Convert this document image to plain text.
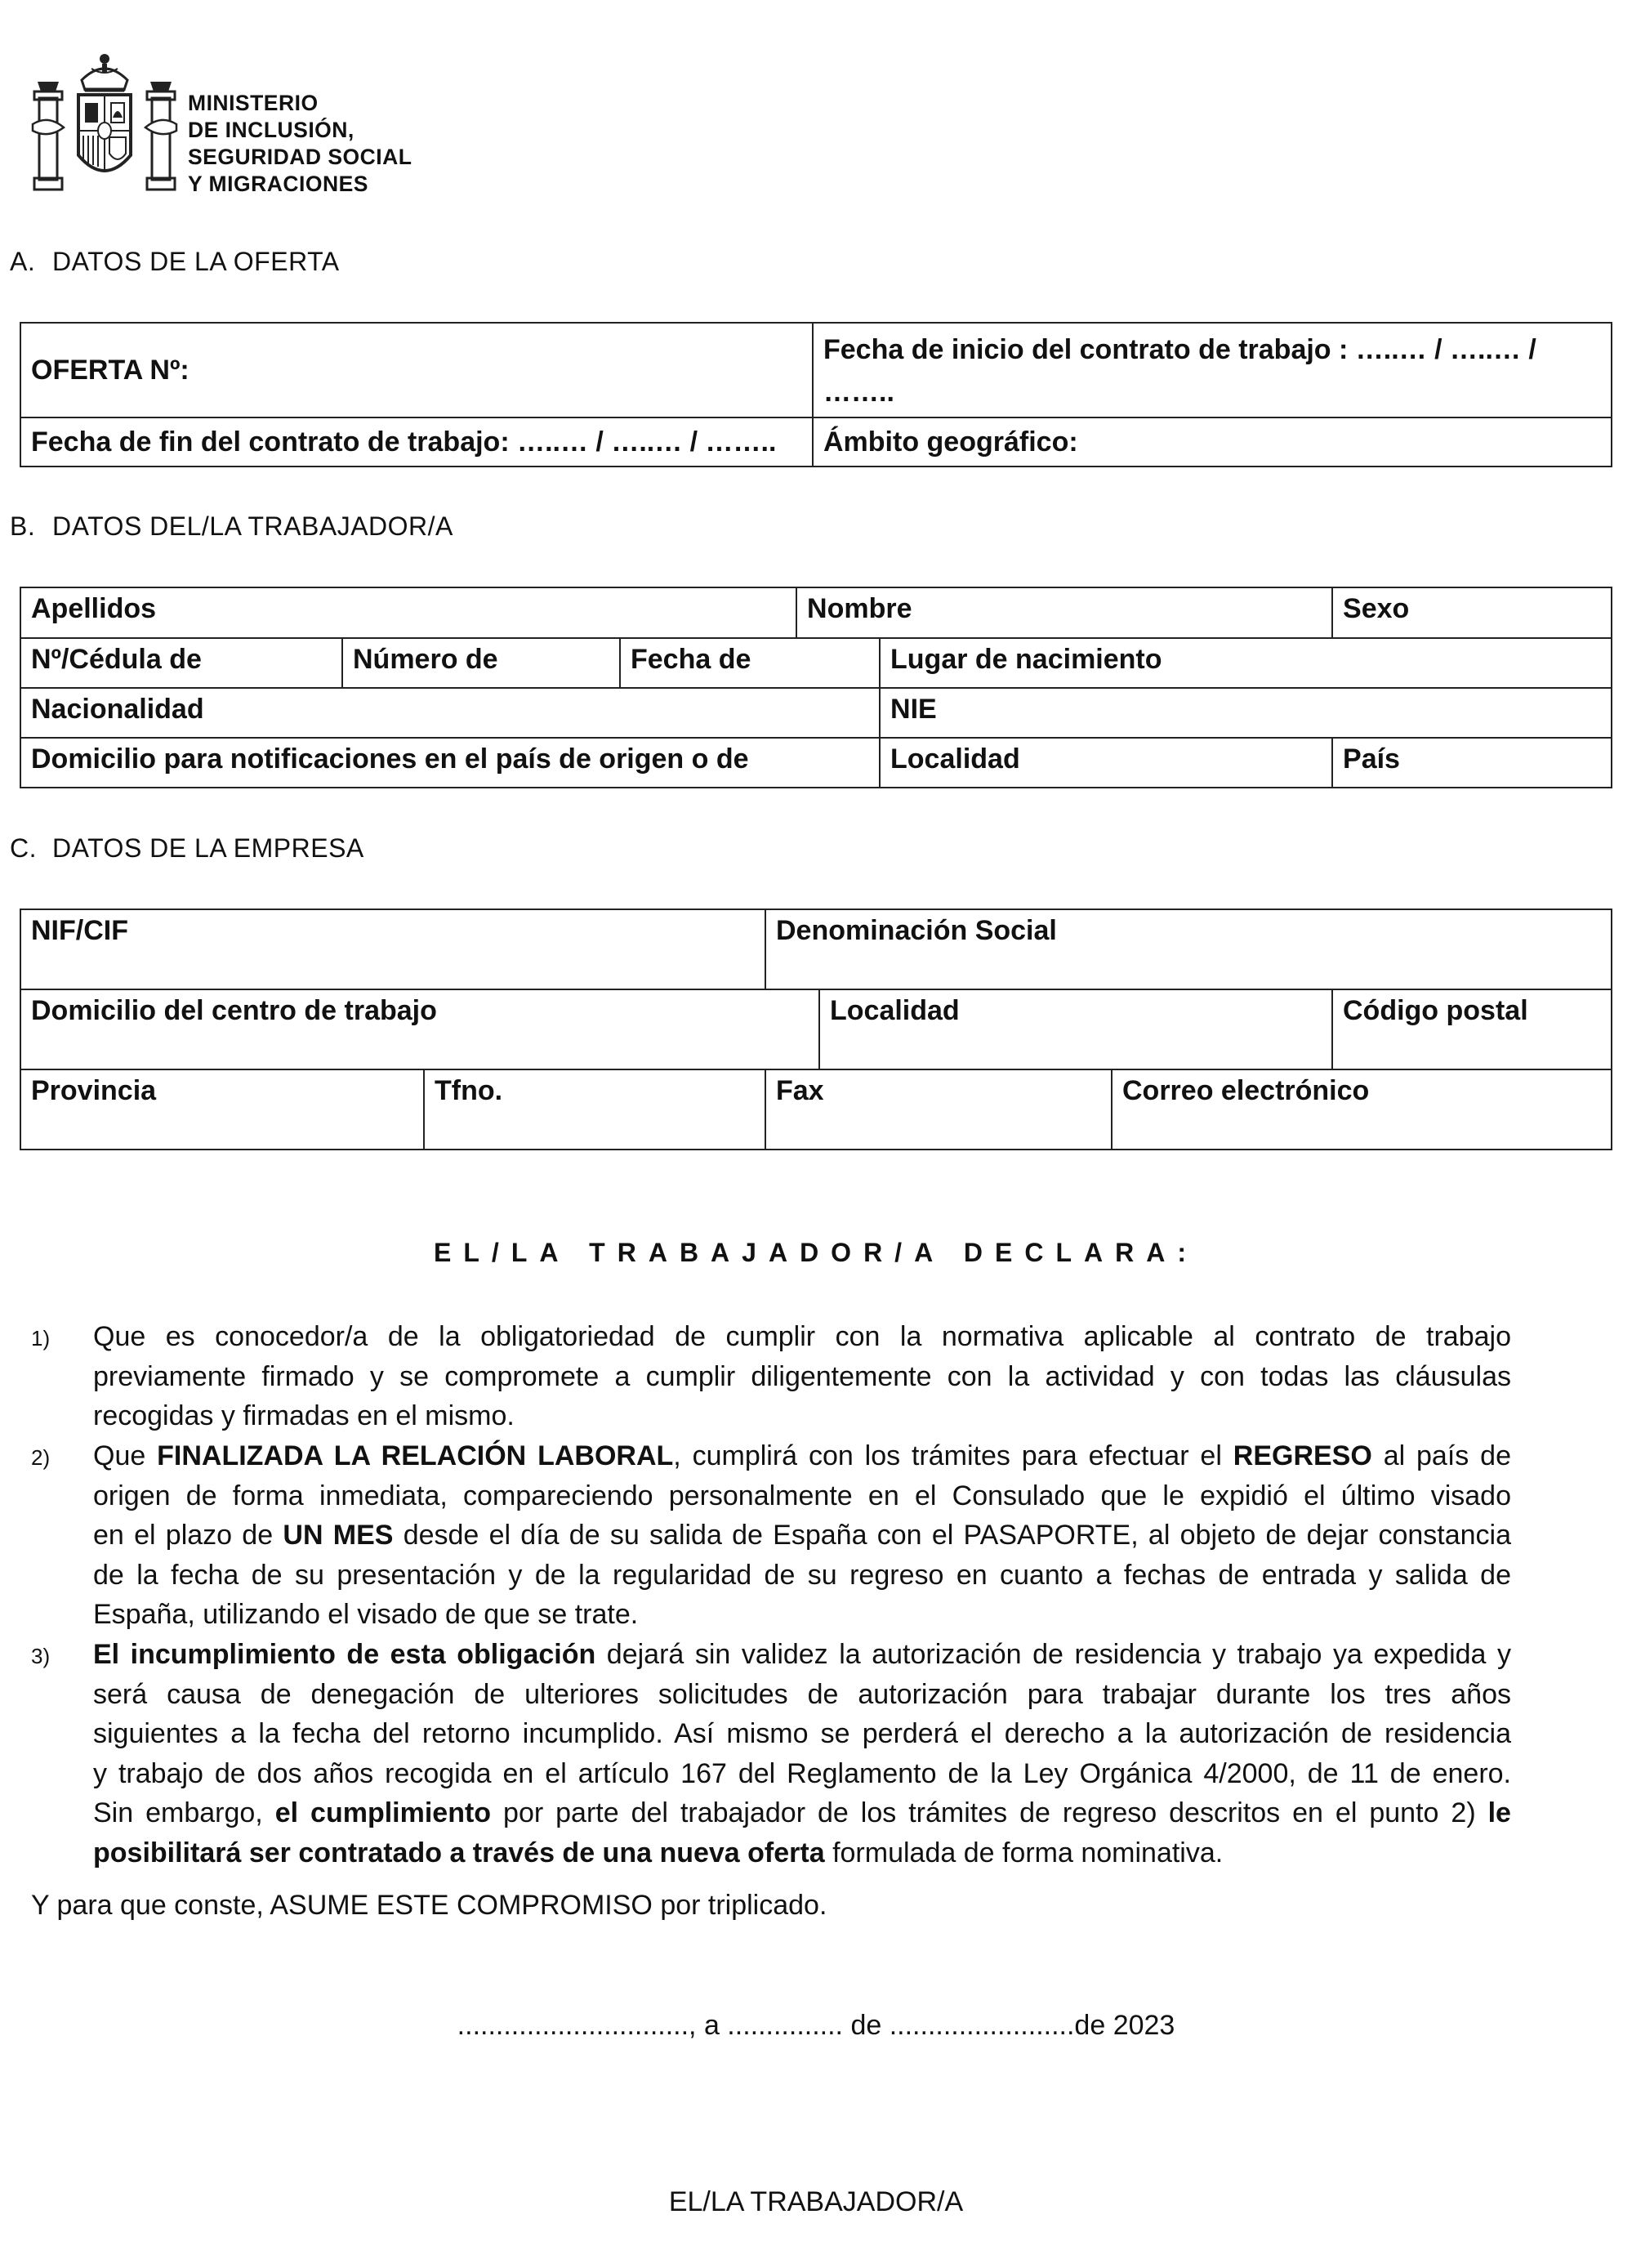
MINISTERIO
DE INCLUSIÓN,
SEGURIDAD SOCIAL
Y MIGRACIONES
A. DATOS DE LA OFERTA
OFERTA Nº:	Fecha de inicio del contrato de trabajo : …..… / …..… /
……..

Fecha de fin del contrato de trabajo: …..… / …..… / ……..	Ámbito geográfico:
B. DATOS DEL/LA TRABAJADOR/A
Apellidos			Nombre		Sexo
Nº/Cédula de	Número de	Fecha de		Lugar de nacimiento	
Nacionalidad				NIE	
Domicilio para notificaciones en el país de origen o de				Localidad	País
C. DATOS DE LA EMPRESA
NIF/CIF		Denominación Social			
Domicilio del centro de trabajo			Localidad		Código postal
Provincia	Tfno.	Fax		Correo electrónico	
EL/LA TRABAJADOR/A DECLARA:
1)	Que es conocedor/a de la obligatoriedad de cumplir con la normativa aplicable al contrato de trabajo
previamente firmado y se compromete a cumplir diligentemente con la actividad y con todas las cláusulas
recogidas y firmadas en el mismo.
2)	Que FINALIZADA LA RELACIÓN LABORAL, cumplirá con los trámites para efectuar el REGRESO al país de
origen de forma inmediata, compareciendo personalmente en el Consulado que le expidió el último visado
en el plazo de UN MES desde el día de su salida de España con el PASAPORTE, al objeto de dejar constancia
de la fecha de su presentación y de la regularidad de su regreso en cuanto a fechas de entrada y salida de
España, utilizando el visado de que se trate.
3)	El incumplimiento de esta obligación dejará sin validez la autorización de residencia y trabajo ya expedida y
será causa de denegación de ulteriores solicitudes de autorización para trabajar durante los tres años
siguientes a la fecha del retorno incumplido. Así mismo se perderá el derecho a la autorización de residencia
y trabajo de dos años recogida en el artículo 167 del Reglamento de la Ley Orgánica 4/2000, de 11 de enero.
Sin embargo, el cumplimiento por parte del trabajador de los trámites de regreso descritos en el punto 2) le
posibilitará ser contratado a través de una nueva oferta formulada de forma nominativa.
Y para que conste, ASUME ESTE COMPROMISO por triplicado.
.............................., a ............... de ........................de 2023
EL/LA TRABAJADOR/A
